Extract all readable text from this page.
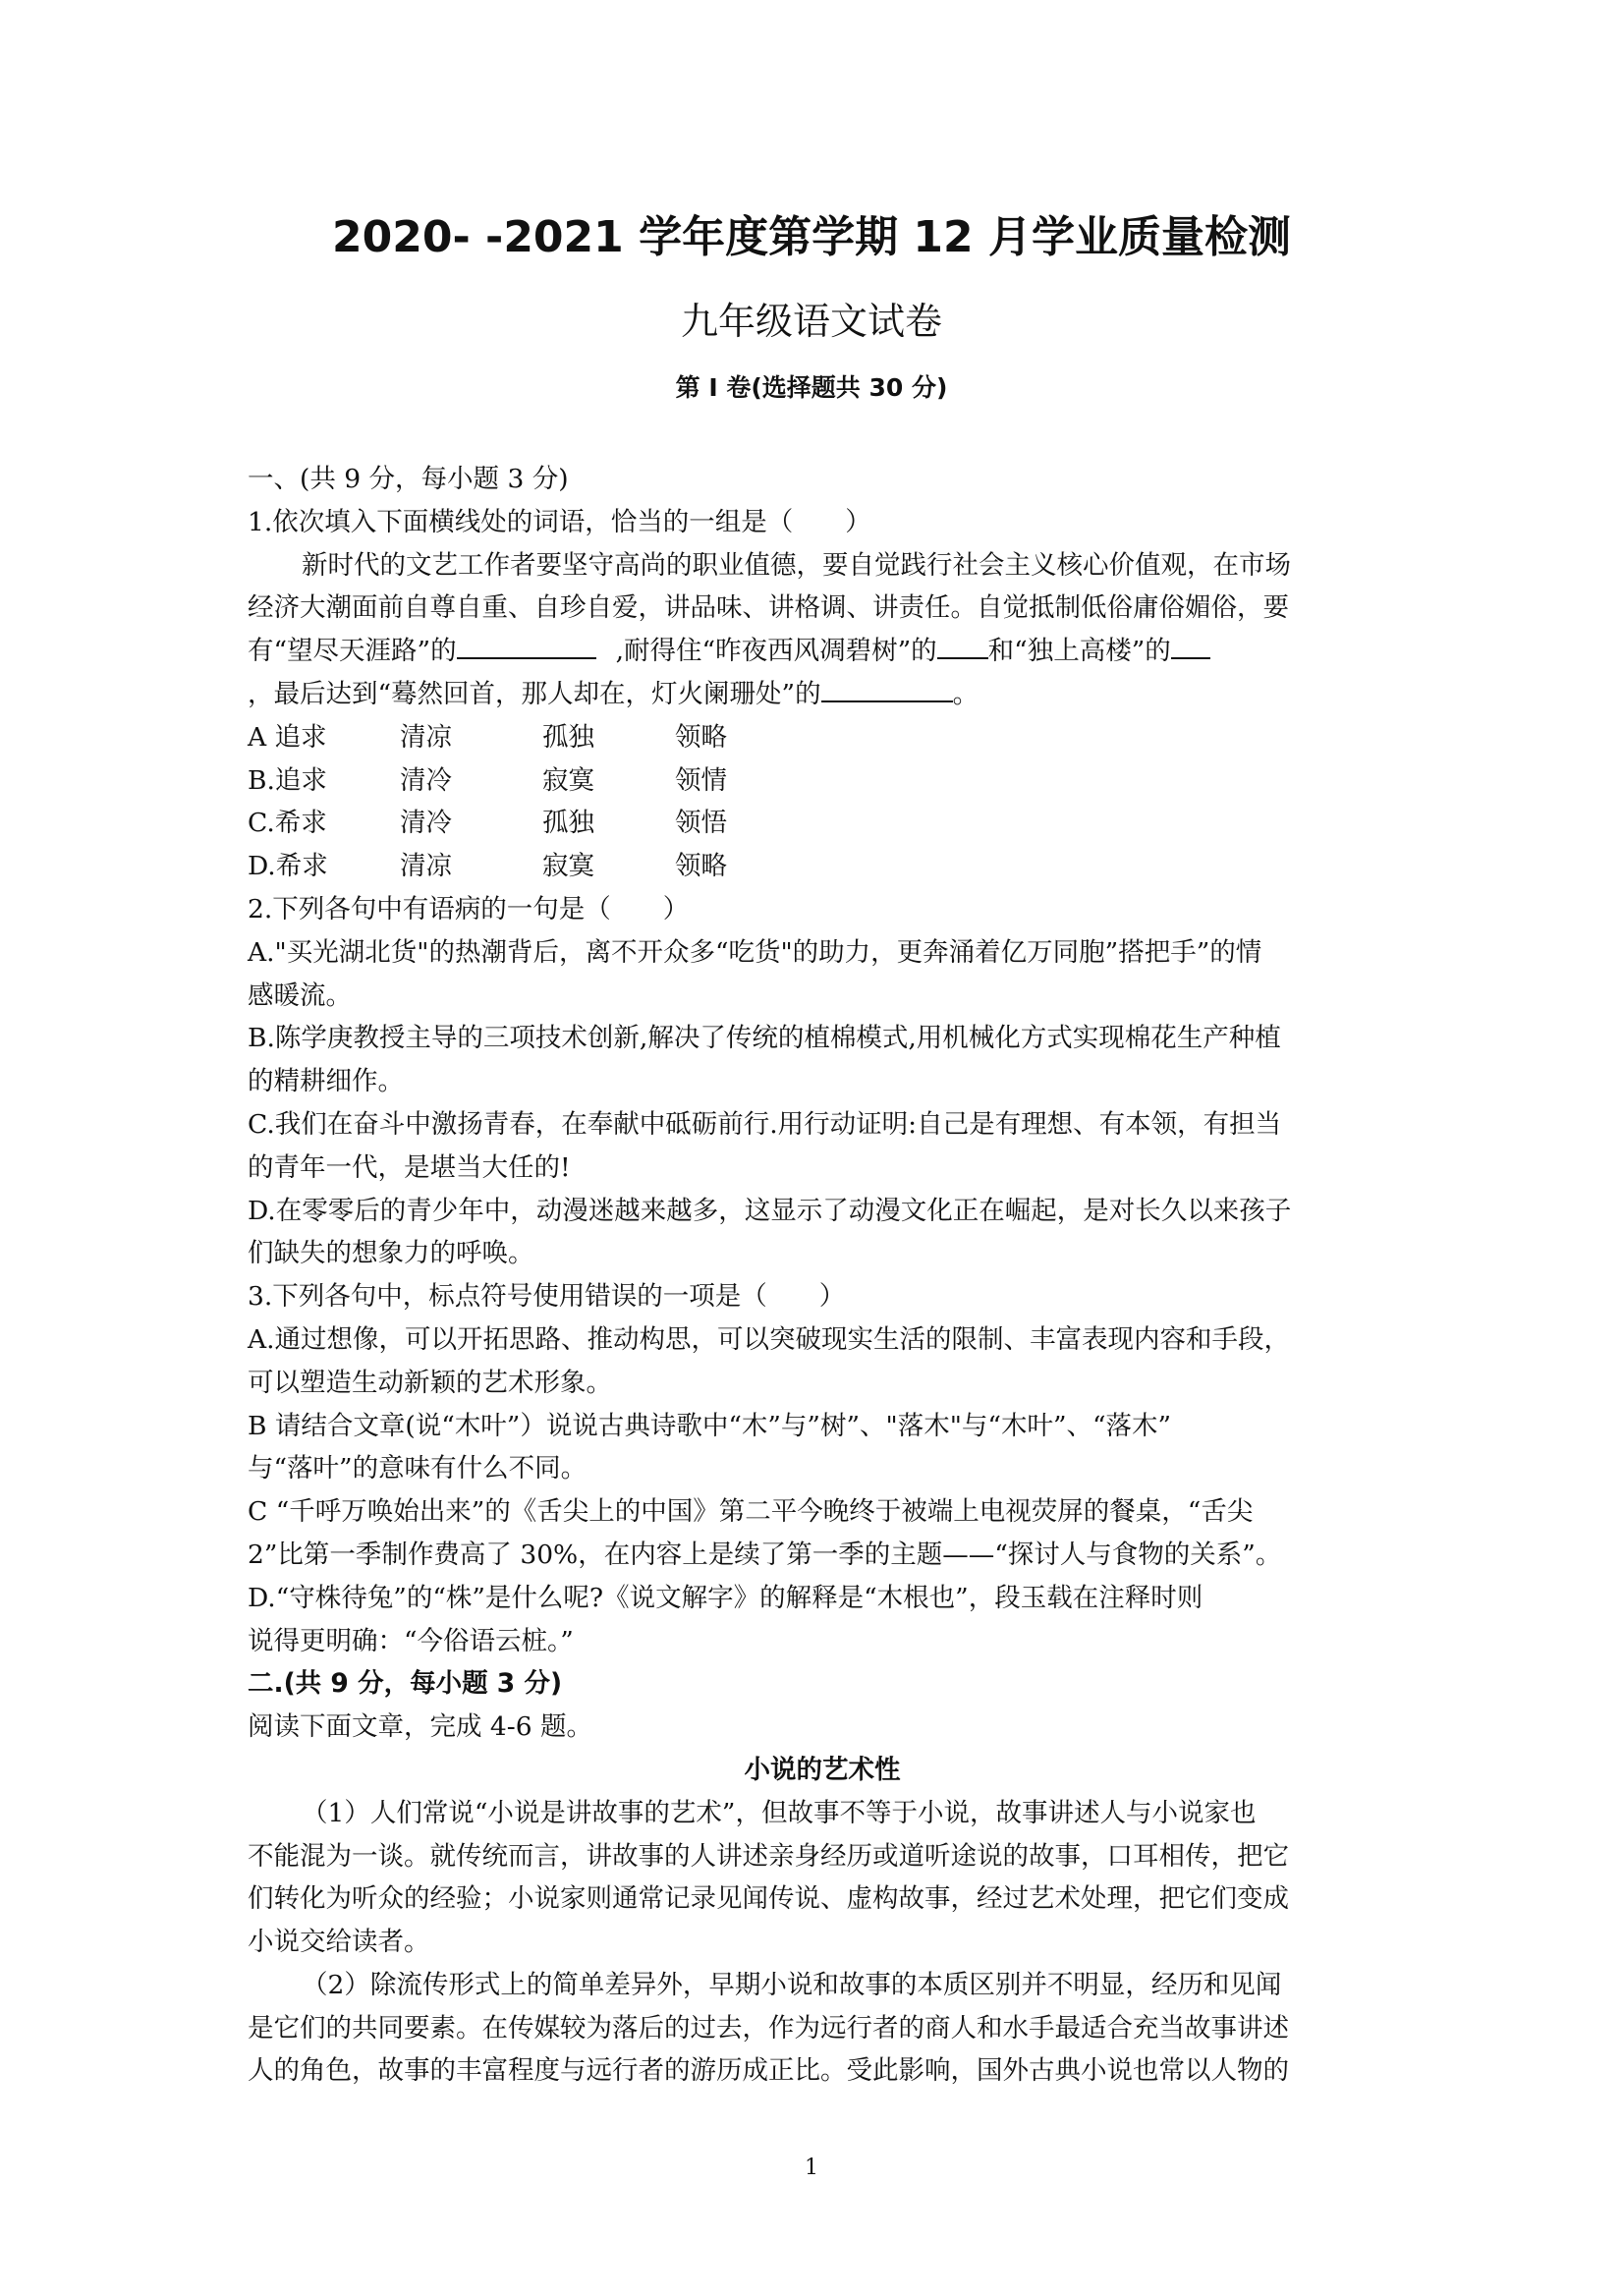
2020- -2021 学年度第学期 12 月学业质量检测
九年级语文试卷
第 I 卷(选择题共 30 分)
一、(共 9 分，每小题 3 分)
1.依次填入下面横线处的词语，恰当的一组是（　　）
新时代的文艺工作者要坚守高尚的职业值德，要自觉践行社会主义核心价值观，在市场
经济大潮面前自尊自重、自珍自爱，讲品味、讲格调、讲责任。自觉抵制低俗庸俗媚俗，要
有“望尽天涯路”的	,耐得住“昨夜西风凋碧树”的 和“独上高楼”的
，最后达到“蓦然回首，那人却在，灯火阑珊处”的	。
A 追求	清凉	孤独	领略
B.追求	清冷	寂寞	领情
C.希求	清冷	孤独	领悟
D.希求	清凉	寂寞	领略
2.下列各句中有语病的一句是（　　）
A."买光湖北货"的热潮背后，离不开众多“吃货"的助力，更奔涌着亿万同胞”搭把手”的情
感暖流。
B.陈学庚教授主导的三项技术创新,解决了传统的植棉模式,用机械化方式实现棉花生产种植
的精耕细作。
C.我们在奋斗中激扬青春，在奉献中砥砺前行.用行动证明:自己是有理想、有本领，有担当
的青年一代，是堪当大任的!
D.在零零后的青少年中，动漫迷越来越多，这显示了动漫文化正在崛起，是对长久以来孩子
们缺失的想象力的呼唤。
3.下列各句中，标点符号使用错误的一项是（　　）
A.通过想像，可以开拓思路、推动构思，可以突破现实生活的限制、丰富表现内容和手段，
可以塑造生动新颖的艺术形象。
B 请结合文章(说“木叶”）说说古典诗歌中“木”与”树”、"落木"与“木叶”、“落木”
与“落叶”的意味有什么不同。
C “千呼万唤始出来”的《舌尖上的中国》第二平今晚终于被端上电视荧屏的餐桌，“舌尖
2”比第一季制作费高了 30%，在内容上是续了第一季的主题——“探讨人与食物的关系”。
D.“守株待兔”的“株”是什么呢?《说文解字》的解释是“木根也”，段玉载在注释时则
说得更明确：“今俗语云桩。”
二.(共 9 分，每小题 3 分)
阅读下面文章，完成 4-6 题。
小说的艺术性
（1）人们常说“小说是讲故事的艺术”，但故事不等于小说，故事讲述人与小说家也
不能混为一谈。就传统而言，讲故事的人讲述亲身经历或道听途说的故事，口耳相传，把它
们转化为听众的经验；小说家则通常记录见闻传说、虚构故事，经过艺术处理，把它们变成
小说交给读者。
（2）除流传形式上的简单差异外，早期小说和故事的本质区别并不明显，经历和见闻
是它们的共同要素。在传媒较为落后的过去，作为远行者的商人和水手最适合充当故事讲述
人的角色，故事的丰富程度与远行者的游历成正比。受此影响，国外古典小说也常以人物的
1
